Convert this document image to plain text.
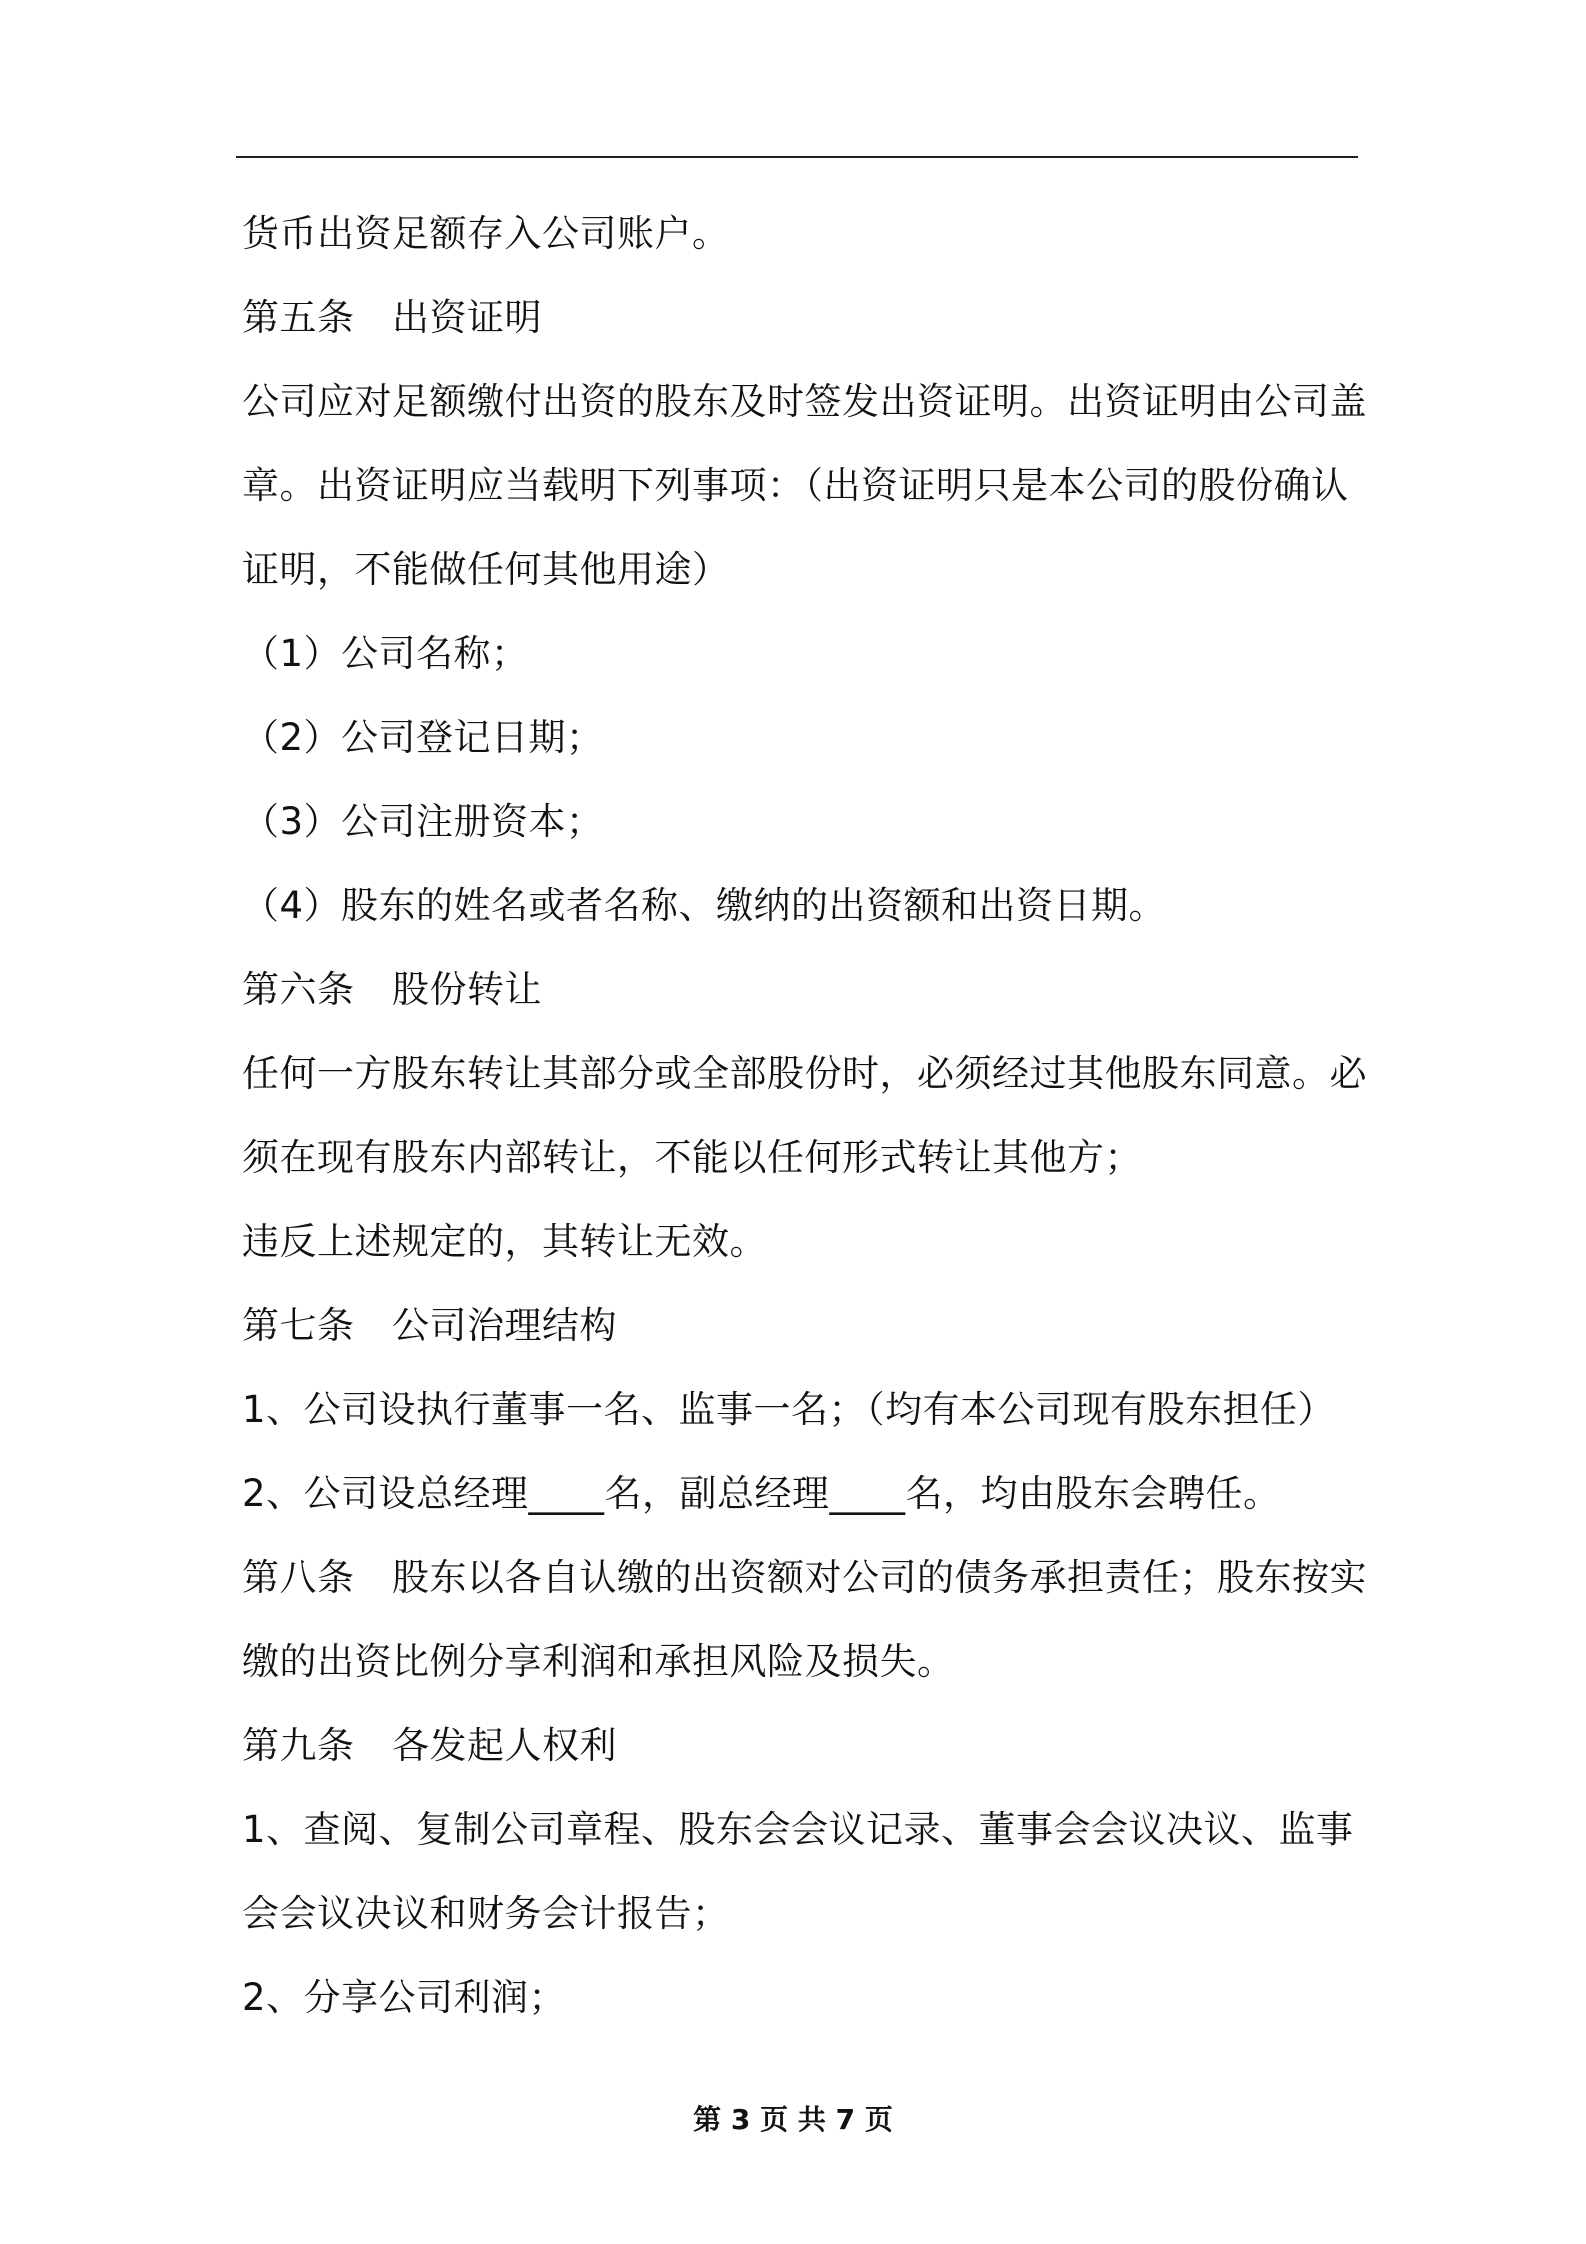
货币出资足额存入公司账户。
第五条　出资证明
公司应对足额缴付出资的股东及时签发出资证明。出资证明由公司盖
章。出资证明应当载明下列事项：（出资证明只是本公司的股份确认
证明，不能做任何其他用途）
（1）公司名称；
（2）公司登记日期；
（3）公司注册资本；
（4）股东的姓名或者名称、缴纳的出资额和出资日期。
第六条　股份转让
任何一方股东转让其部分或全部股份时，必须经过其他股东同意。必
须在现有股东内部转让，不能以任何形式转让其他方；
违反上述规定的，其转让无效。
第七条　公司治理结构
1、公司设执行董事一名、监事一名；（均有本公司现有股东担任）
2、公司设总经理____名，副总经理____名，均由股东会聘任。
第八条　股东以各自认缴的出资额对公司的债务承担责任；股东按实
缴的出资比例分享利润和承担风险及损失。
第九条　各发起人权利
1、查阅、复制公司章程、股东会会议记录、董事会会议决议、监事
会会议决议和财务会计报告；
2、分享公司利润；
第 3 页 共 7 页
